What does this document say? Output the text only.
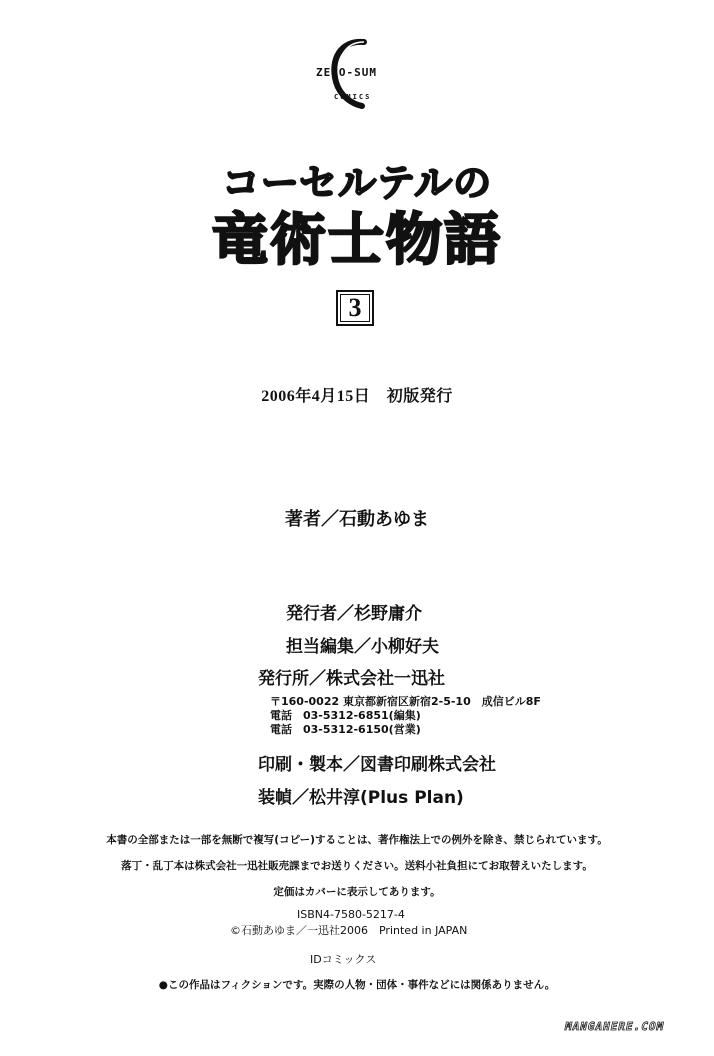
ZERO-SUM
COMICS
コーセルテルの
竜術士物語
3
2006年4月15日　初版発行
著者／石動あゆま
発行者／杉野庸介
担当編集／小柳好夫
発行所／株式会社一迅社
〒160-0022 東京都新宿区新宿2-5-10　成信ビル8F
電話　03-5312-6851(編集)
電話　03-5312-6150(営業)
印刷・製本／図書印刷株式会社
装幀／松井淳(Plus Plan)
本書の全部または一部を無断で複写(コピー)することは、著作権法上での例外を除き、禁じられています。
落丁・乱丁本は株式会社一迅社販売課までお送りください。送料小社負担にてお取替えいたします。
定価はカバーに表示してあります。
ISBN4-7580-5217-4
©石動あゆま／一迅社2006　Printed in JAPAN
IDコミックス
●この作品はフィクションです。実際の人物・団体・事件などには関係ありません。
MANGAHERE.COM
